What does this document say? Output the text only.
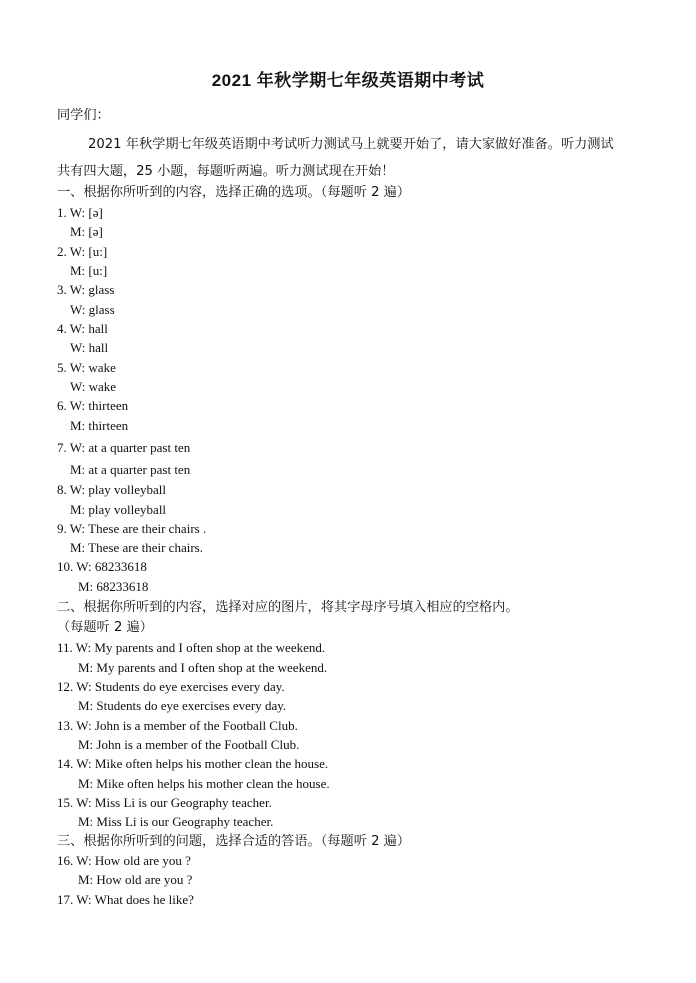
2021 年秋学期七年级英语期中考试
同学们：
2021 年秋学期七年级英语期中考试听力测试马上就要开始了，请大家做好准备。听力测试
共有四大题，25 小题，每题听两遍。听力测试现在开始！
一、根据你所听到的内容，选择正确的选项。（每题听 2 遍）
1. W: [ə]
M: [ə]
2. W: [u:]
M: [u:]
3. W: glass
W: glass
4. W: hall
W: hall
5. W: wake
W: wake
6. W: thirteen
M: thirteen
7. W: at a quarter past ten
M: at a quarter past ten
8. W: play volleyball
M: play volleyball
9. W: These are their chairs .
M: These are their chairs.
10. W: 68233618
M: 68233618
二、根据你所听到的内容，选择对应的图片，将其字母序号填入相应的空格内。
（每题听 2 遍）
11. W: My parents and I often shop at the weekend.
M: My parents and I often shop at the weekend.
12. W: Students do eye exercises every day.
M: Students do eye exercises every day.
13. W: John is a member of the Football Club.
M: John is a member of the Football Club.
14. W: Mike often helps his mother clean the house.
M: Mike often helps his mother clean the house.
15. W: Miss Li is our Geography teacher.
M: Miss Li is our Geography teacher.
三、根据你所听到的问题，选择合适的答语。（每题听 2 遍）
16. W: How old are you ?
M: How old are you ?
17. W: What does he like?
